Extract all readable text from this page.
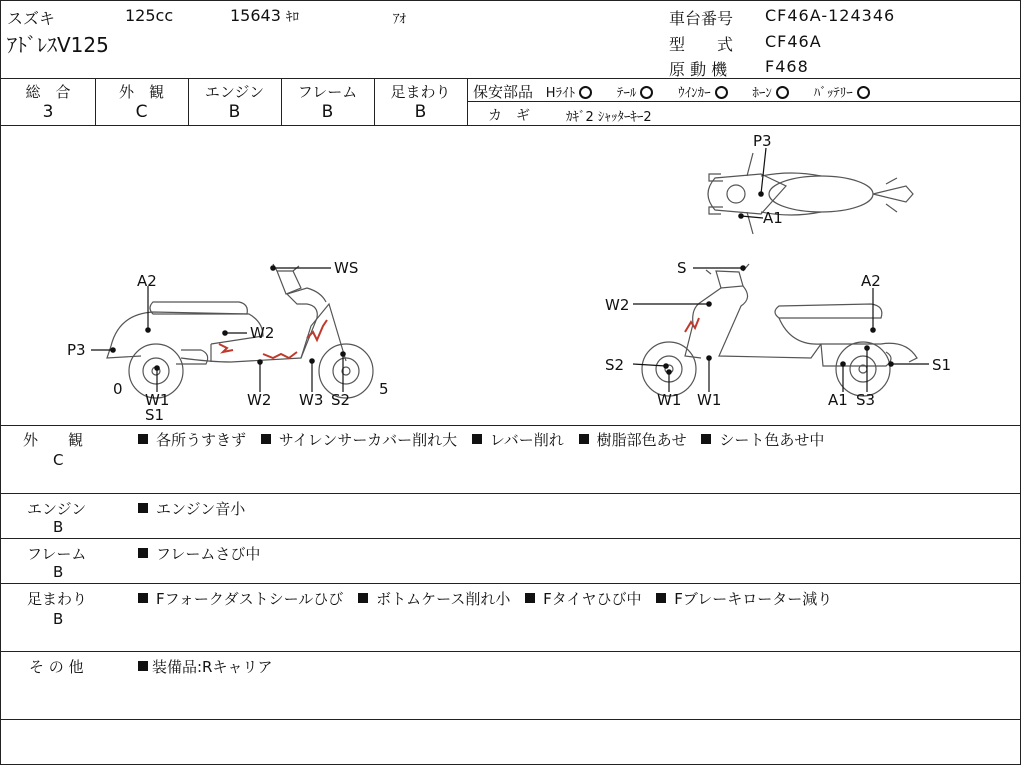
スズキ	125cc	15643 ｷﾛ	ｱｵ
ｱﾄﾞﾚｽV125
車台番号 CF46A-124346
型　　式 CF46A
原 動 機 F468
総　合
3
外　観
C
エンジン
B
フレーム
B
足まわり
B
保安部品 Hﾗｲﾄ	ﾃｰﾙ	ｳｲﾝｶｰ	ﾎｰﾝ	ﾊﾞｯﾃﾘｰ
カ　ギ	ｶｷﾞ2 ｼｬｯﾀｰｷｰ2
P3
A1
WS
A2
W2
P3
0
W1
S1
W2 W3 S2
5
S
A2
W2
S2	S1
W1 W1	A1 S3
外　　観
C
各所うすきず サイレンサーカバー削れ大 レバー削れ 樹脂部色あせ シート色あせ中
エンジン
B
エンジン音小
フレーム
B
フレームさび中
足まわり
B
Fフォークダストシールひび ボトムケース削れ小 Fタイヤひび中 Fブレーキローター減り
そ の 他	装備品:Rキャリア
